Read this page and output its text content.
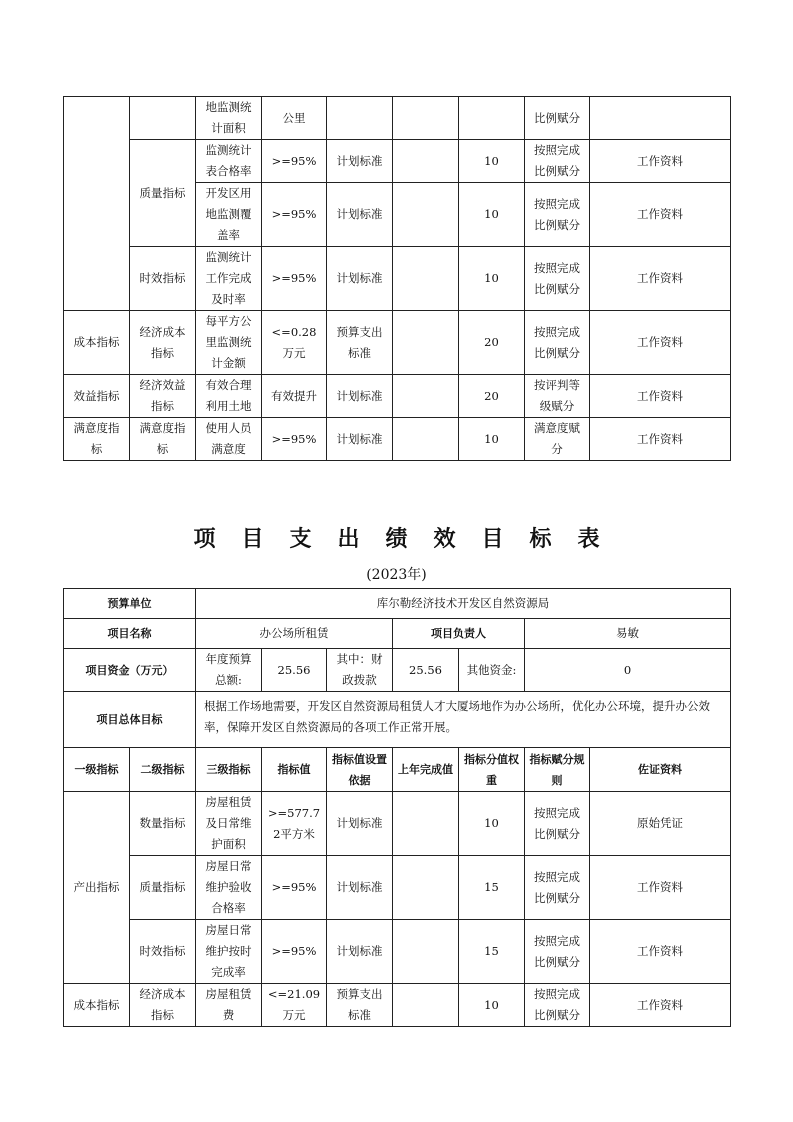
		地监测统计面积	公里				比例赋分	
	质量指标	监测统计表合格率	>=95%	计划标准		10	按照完成比例赋分	工作资料
		开发区用地监测覆盖率	>=95%	计划标准		10	按照完成比例赋分	工作资料
	时效指标	监测统计工作完成及时率	>=95%	计划标准		10	按照完成比例赋分	工作资料
成本指标	经济成本指标	每平方公里监测统计金额	<=0.28万元	预算支出标准		20	按照完成比例赋分	工作资料
效益指标	经济效益指标	有效合理利用土地	有效提升	计划标准		20	按评判等级赋分	工作资料
满意度指标	满意度指标	使用人员满意度	>=95%	计划标准		10	满意度赋分	工作资料
项目支出绩效目标表
(2023年)
预算单位		库尔勒经济技术开发区自然资源局						
项目名称		办公场所租赁			项目负责人		易敏	
项目资金（万元）		年度预算总额:	25.56	其中：财政拨款	25.56	其他资金:	0	
项目总体目标		根据工作场地需要，开发区自然资源局租赁人才大厦场地作为办公场所，优化办公环境，提升办公效率，保障开发区自然资源局的各项工作正常开展。						
一级指标	二级指标	三级指标	指标值	指标值设置依据	上年完成值	指标分值权重	指标赋分规则	佐证资料
产出指标	数量指标	房屋租赁及日常维护面积	>=577.72平方米	计划标准		10	按照完成比例赋分	原始凭证
	质量指标	房屋日常维护验收合格率	>=95%	计划标准		15	按照完成比例赋分	工作资料
	时效指标	房屋日常维护按时完成率	>=95%	计划标准		15	按照完成比例赋分	工作资料
成本指标	经济成本指标	房屋租赁费	<=21.09万元	预算支出标准		10	按照完成比例赋分	工作资料
